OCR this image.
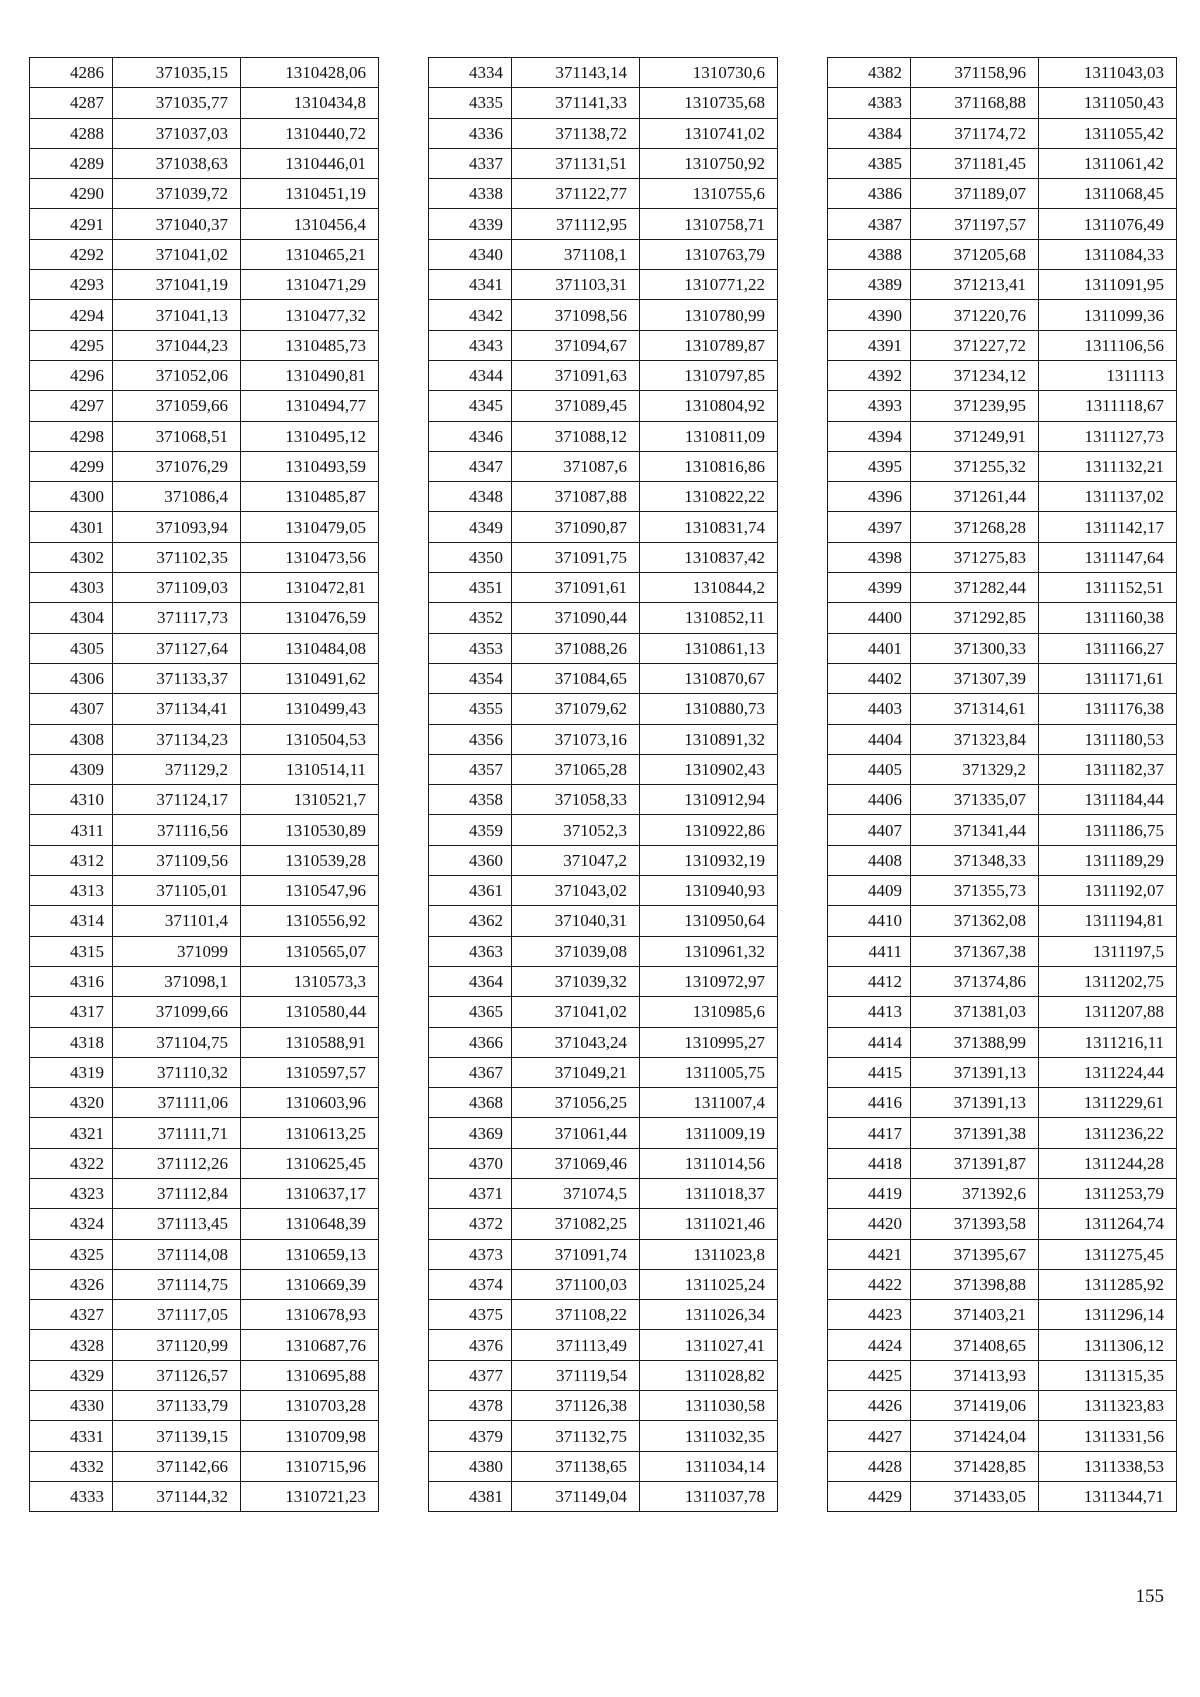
4286	371035,15	1310428,06
4287	371035,77	1310434,8
4288	371037,03	1310440,72
4289	371038,63	1310446,01
4290	371039,72	1310451,19
4291	371040,37	1310456,4
4292	371041,02	1310465,21
4293	371041,19	1310471,29
4294	371041,13	1310477,32
4295	371044,23	1310485,73
4296	371052,06	1310490,81
4297	371059,66	1310494,77
4298	371068,51	1310495,12
4299	371076,29	1310493,59
4300	371086,4	1310485,87
4301	371093,94	1310479,05
4302	371102,35	1310473,56
4303	371109,03	1310472,81
4304	371117,73	1310476,59
4305	371127,64	1310484,08
4306	371133,37	1310491,62
4307	371134,41	1310499,43
4308	371134,23	1310504,53
4309	371129,2	1310514,11
4310	371124,17	1310521,7
4311	371116,56	1310530,89
4312	371109,56	1310539,28
4313	371105,01	1310547,96
4314	371101,4	1310556,92
4315	371099	1310565,07
4316	371098,1	1310573,3
4317	371099,66	1310580,44
4318	371104,75	1310588,91
4319	371110,32	1310597,57
4320	371111,06	1310603,96
4321	371111,71	1310613,25
4322	371112,26	1310625,45
4323	371112,84	1310637,17
4324	371113,45	1310648,39
4325	371114,08	1310659,13
4326	371114,75	1310669,39
4327	371117,05	1310678,93
4328	371120,99	1310687,76
4329	371126,57	1310695,88
4330	371133,79	1310703,28
4331	371139,15	1310709,98
4332	371142,66	1310715,96
4333	371144,32	1310721,23
4334	371143,14	1310730,6
4335	371141,33	1310735,68
4336	371138,72	1310741,02
4337	371131,51	1310750,92
4338	371122,77	1310755,6
4339	371112,95	1310758,71
4340	371108,1	1310763,79
4341	371103,31	1310771,22
4342	371098,56	1310780,99
4343	371094,67	1310789,87
4344	371091,63	1310797,85
4345	371089,45	1310804,92
4346	371088,12	1310811,09
4347	371087,6	1310816,86
4348	371087,88	1310822,22
4349	371090,87	1310831,74
4350	371091,75	1310837,42
4351	371091,61	1310844,2
4352	371090,44	1310852,11
4353	371088,26	1310861,13
4354	371084,65	1310870,67
4355	371079,62	1310880,73
4356	371073,16	1310891,32
4357	371065,28	1310902,43
4358	371058,33	1310912,94
4359	371052,3	1310922,86
4360	371047,2	1310932,19
4361	371043,02	1310940,93
4362	371040,31	1310950,64
4363	371039,08	1310961,32
4364	371039,32	1310972,97
4365	371041,02	1310985,6
4366	371043,24	1310995,27
4367	371049,21	1311005,75
4368	371056,25	1311007,4
4369	371061,44	1311009,19
4370	371069,46	1311014,56
4371	371074,5	1311018,37
4372	371082,25	1311021,46
4373	371091,74	1311023,8
4374	371100,03	1311025,24
4375	371108,22	1311026,34
4376	371113,49	1311027,41
4377	371119,54	1311028,82
4378	371126,38	1311030,58
4379	371132,75	1311032,35
4380	371138,65	1311034,14
4381	371149,04	1311037,78
4382	371158,96	1311043,03
4383	371168,88	1311050,43
4384	371174,72	1311055,42
4385	371181,45	1311061,42
4386	371189,07	1311068,45
4387	371197,57	1311076,49
4388	371205,68	1311084,33
4389	371213,41	1311091,95
4390	371220,76	1311099,36
4391	371227,72	1311106,56
4392	371234,12	1311113
4393	371239,95	1311118,67
4394	371249,91	1311127,73
4395	371255,32	1311132,21
4396	371261,44	1311137,02
4397	371268,28	1311142,17
4398	371275,83	1311147,64
4399	371282,44	1311152,51
4400	371292,85	1311160,38
4401	371300,33	1311166,27
4402	371307,39	1311171,61
4403	371314,61	1311176,38
4404	371323,84	1311180,53
4405	371329,2	1311182,37
4406	371335,07	1311184,44
4407	371341,44	1311186,75
4408	371348,33	1311189,29
4409	371355,73	1311192,07
4410	371362,08	1311194,81
4411	371367,38	1311197,5
4412	371374,86	1311202,75
4413	371381,03	1311207,88
4414	371388,99	1311216,11
4415	371391,13	1311224,44
4416	371391,13	1311229,61
4417	371391,38	1311236,22
4418	371391,87	1311244,28
4419	371392,6	1311253,79
4420	371393,58	1311264,74
4421	371395,67	1311275,45
4422	371398,88	1311285,92
4423	371403,21	1311296,14
4424	371408,65	1311306,12
4425	371413,93	1311315,35
4426	371419,06	1311323,83
4427	371424,04	1311331,56
4428	371428,85	1311338,53
4429	371433,05	1311344,71
155
